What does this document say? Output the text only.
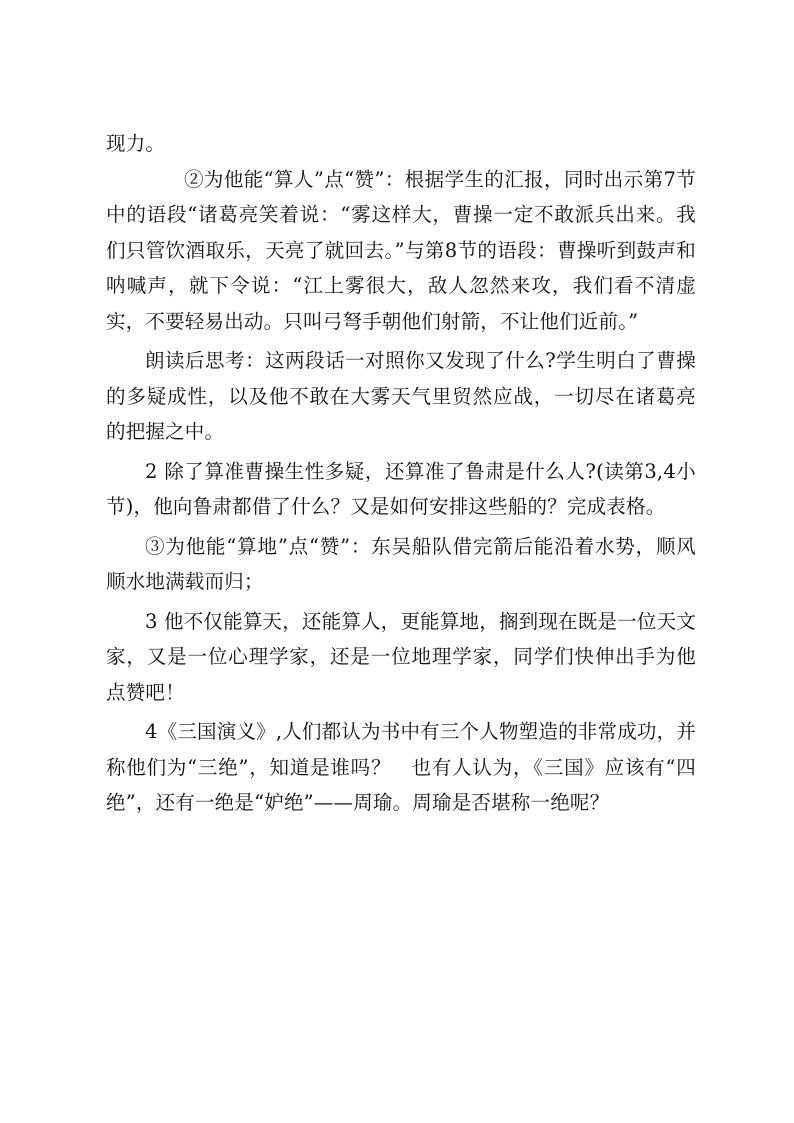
现力。

②为他能“算人”点“赞”：根据学生的汇报，同时出示第7节中的语段“诸葛亮笑着说：“雾这样大，曹操一定不敢派兵出来。我们只管饮酒取乐，天亮了就回去。”与第8节的语段：曹操听到鼓声和呐喊声，就下令说：“江上雾很大，敌人忽然来攻，我们看不清虚实，不要轻易出动。只叫弓弩手朝他们射箭，不让他们近前。”

朗读后思考：这两段话一对照你又发现了什么?学生明白了曹操的多疑成性，以及他不敢在大雾天气里贸然应战，一切尽在诸葛亮的把握之中。

2 除了算准曹操生性多疑，还算准了鲁肃是什么人?(读第3,4小节)，他向鲁肃都借了什么？又是如何安排这些船的？完成表格。

③为他能“算地”点“赞”：东吴船队借完箭后能沿着水势，顺风顺水地满载而归；

3 他不仅能算天，还能算人，更能算地，搁到现在既是一位天文家，又是一位心理学家，还是一位地理学家，同学们快伸出手为他点赞吧！

4《三国演义》,人们都认为书中有三个人物塑造的非常成功，并称他们为“三绝”，知道是谁吗？　也有人认为，《三国》应该有“四绝”，还有一绝是“妒绝”——周瑜。周瑜是否堪称一绝呢？
